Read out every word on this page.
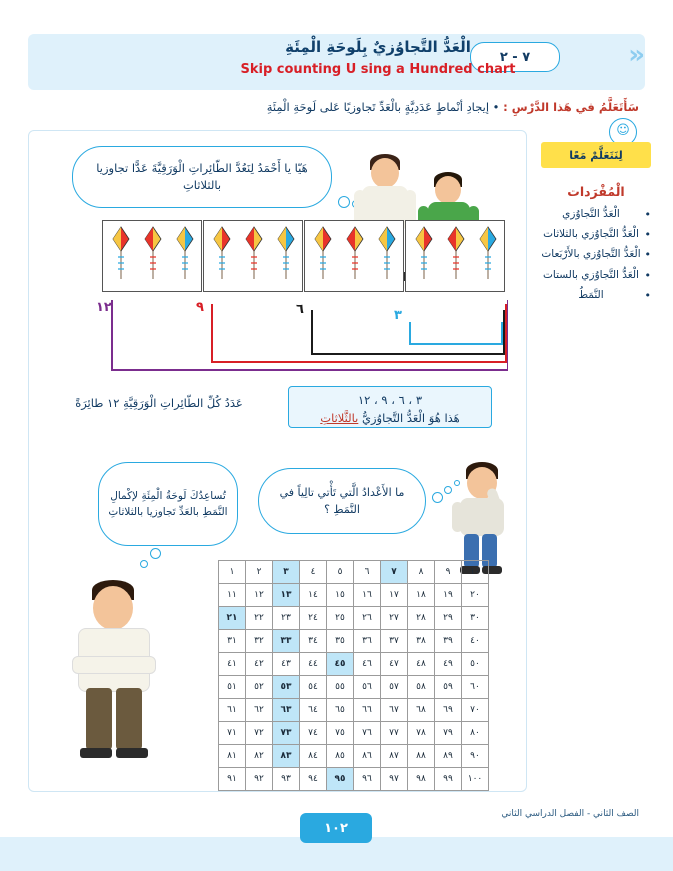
«
٧ - ٢
الْعَدُّ التَّجاوُزيٌ بِلَوحَةِ الْمِئَةِ
Skip counting U sing a Hundred chart
سَأَتَعَلَّمُ في هَذا الدَّرْسِ : • إيجادِ أنْماطٍ عَدَدِيَّةٍ بالْعَدِّ تَجاوزيًا عَلى لَوحَةِ الْمِئَةِ
☺
لِنَتَعَلَّمْ مَعًا
الْمُفْرَدات
• الْعَدُّ التَّجاوُزي
• الْعَدُّ التَّجاوُزي بالثلاثات
• الْعَدُّ التَّجاوُزي بالأَرْبَعات
• الْعَدُّ التَّجاوُزي بالستات
• النَّمَطُ
هَيّا يا أَحْمَدُ لِنَعُدَّ الطّائِراتِ الْوَرَقِيَّةَ عَدًّا تجاوزيا بالثلاثاتِ
٣
٦
٩
١٢
٣ ، ٦ ، ٩ ، ١٢
هَذا هُوَ الْعَدُّ التَّجاوُزيُّ بالثَّلاثاتِ
عَدَدُ كُلِّ الطّائِراتِ الْوَرَقِيَّةِ ١٢ طائِرَةً
ما الأَعْدادُ الَّتي تَأْتي تالِياً في النَّمَطِ ؟
تُساعِدُكَ لَوحَةُ الْمِئَةِ لإكْمالِ النَّمَطِ بالعَدِّ تَجاوزيا بالثلاثاتِ
١٠	٩	٨	٧	٦	٥	٤	٣	٢	١
٢٠	١٩	١٨	١٧	١٦	١٥	١٤	١٣	١٢	١١
٣٠	٢٩	٢٨	٢٧	٢٦	٢٥	٢٤	٢٣	٢٢	٢١
٤٠	٣٩	٣٨	٣٧	٣٦	٣٥	٣٤	٣٣	٣٢	٣١
٥٠	٤٩	٤٨	٤٧	٤٦	٤٥	٤٤	٤٣	٤٢	٤١
٦٠	٥٩	٥٨	٥٧	٥٦	٥٥	٥٤	٥٣	٥٢	٥١
٧٠	٦٩	٦٨	٦٧	٦٦	٦٥	٦٤	٦٣	٦٢	٦١
٨٠	٧٩	٧٨	٧٧	٧٦	٧٥	٧٤	٧٣	٧٢	٧١
٩٠	٨٩	٨٨	٨٧	٨٦	٨٥	٨٤	٨٣	٨٢	٨١
١٠٠	٩٩	٩٨	٩٧	٩٦	٩٥	٩٤	٩٣	٩٢	٩١
الصف الثاني - الفصل الدراسي الثاني
١٠٢
